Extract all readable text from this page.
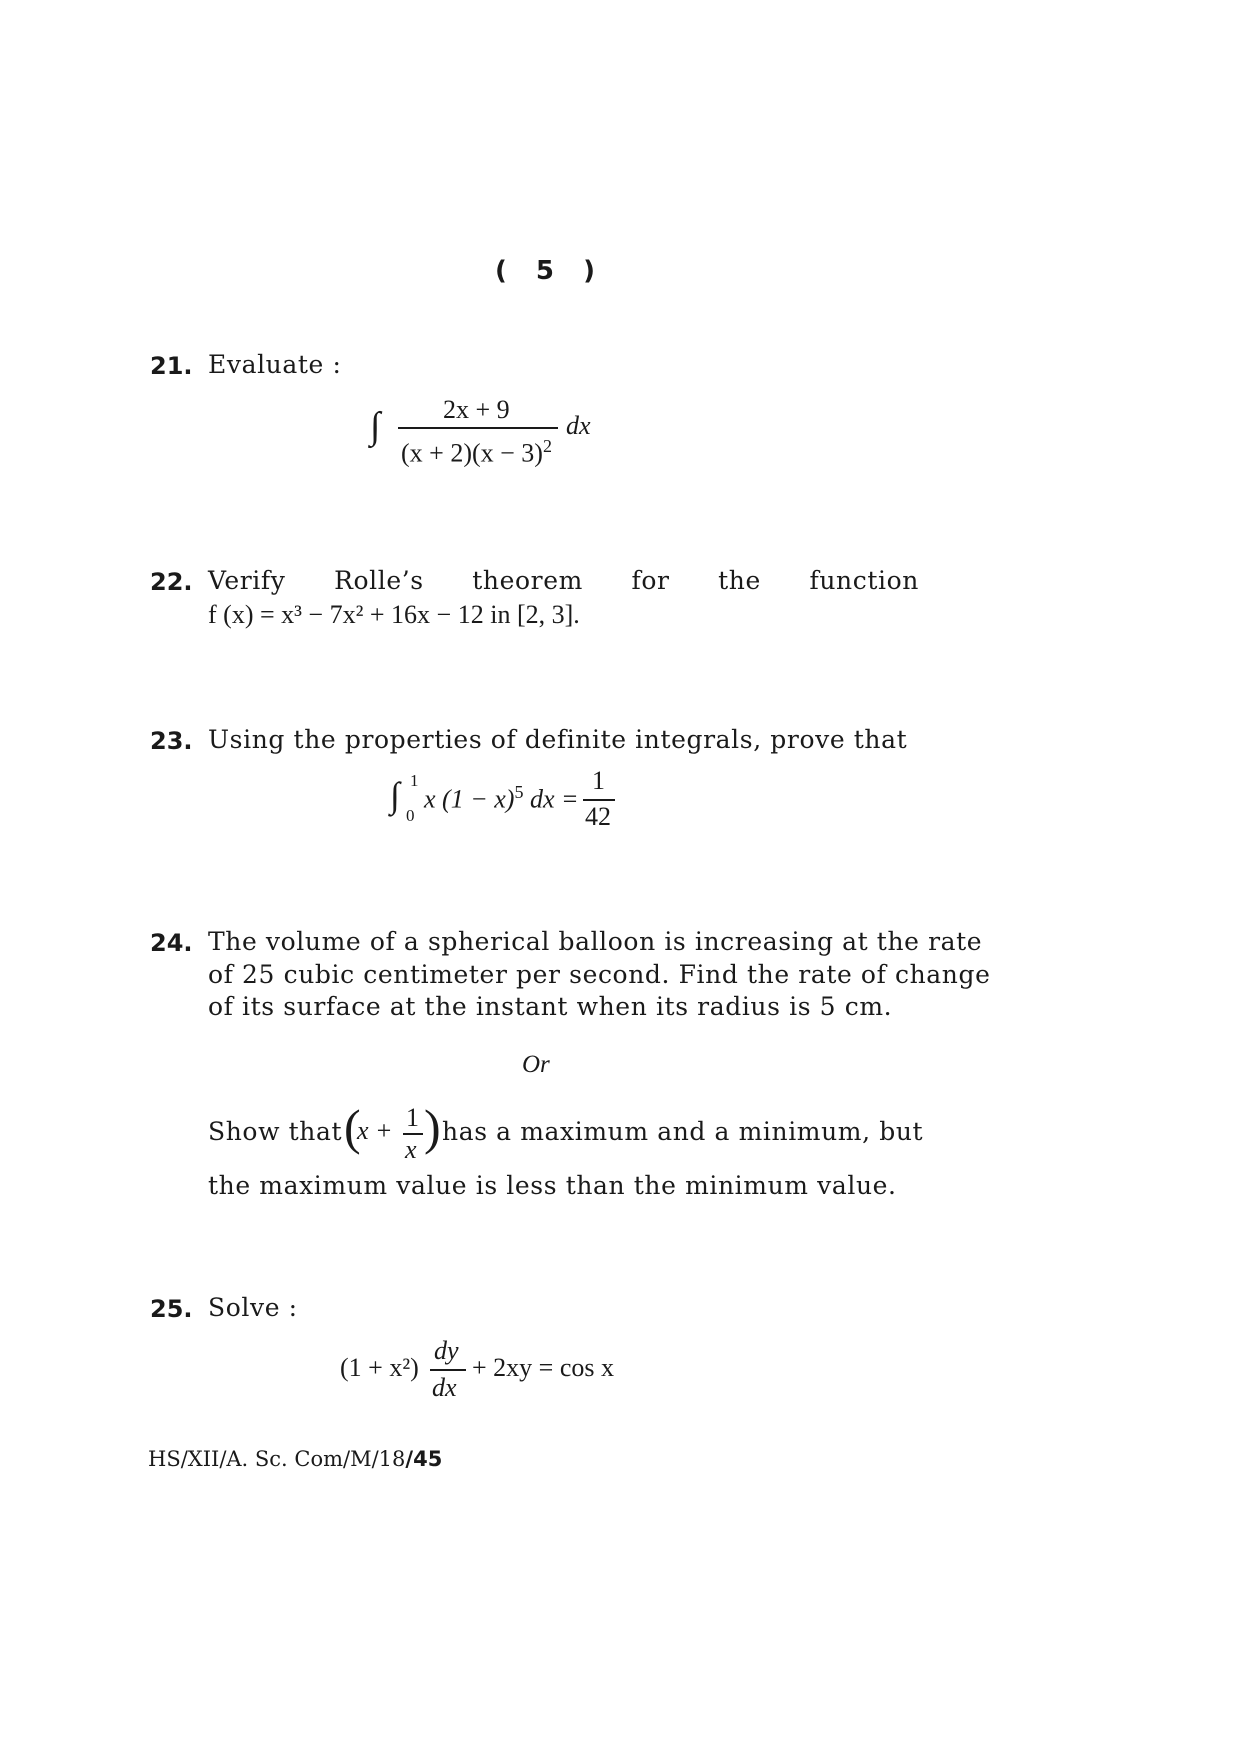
( 5 )
21. Evaluate :
∫ 2x + 9
$(x + 2)(x - 3)^2$
dx
22. Verify Rolle’s theorem for the function
f (x) = x³ − 7x² + 16x − 12 in [2, 3].
23. Using the properties of definite integrals, prove that
∫ 1
0
x $(1 - x)^5$ dx =
1
42
24. The volume of a spherical balloon is increasing at the rate
of 25 cubic centimeter per second. Find the rate of change
of its surface at the instant when its radius is 5 cm.
Or
Show that (
x + 1
x ) has a maximum and a minimum, but
the maximum value is less than the minimum value.
25. Solve :
(1 + x²)
dy
dx
+ 2xy = cos x
HS/XII/A. Sc. Com/M/18/45
